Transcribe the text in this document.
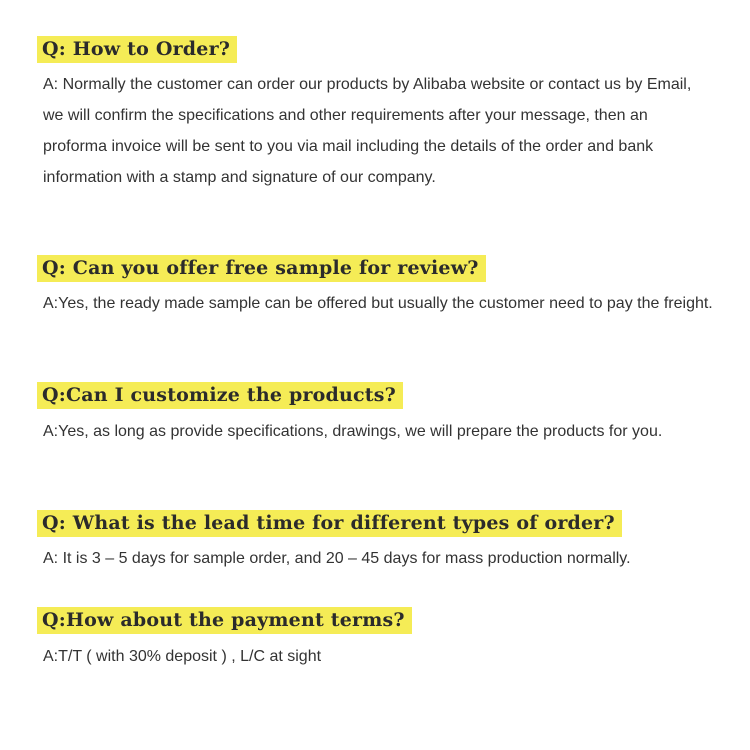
Q: How to Order?

A: Normally the customer can order our products by Alibaba website or contact us by Email, we will confirm the specifications and other requirements after your message, then an proforma invoice will be sent to you via mail including the details of the order and bank information with a stamp and signature of our company.

Q: Can you offer free sample for review?

A:Yes, the ready made sample can be offered but usually the customer need to pay the freight.

Q:Can I customize the products?

A:Yes, as long as provide specifications, drawings, we will prepare the products for you.

Q: What is the lead time for different types of order?

A: It is 3 – 5 days for sample order, and 20 – 45 days for mass production normally.

Q:How about the payment terms?

A:T/T ( with 30% deposit ) , L/C at sight
